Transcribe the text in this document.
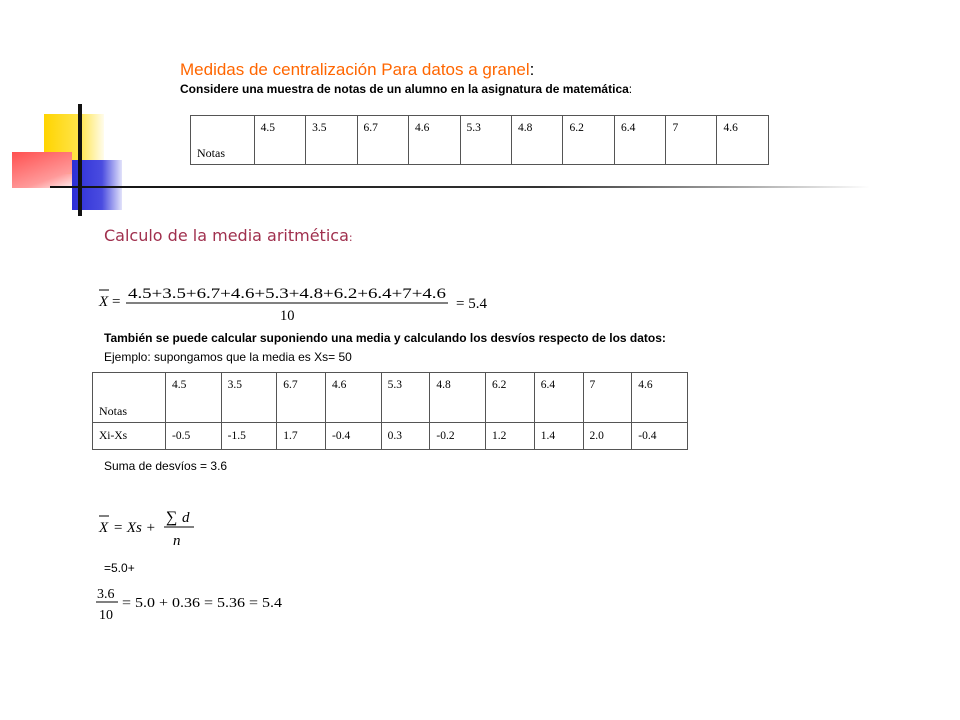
Medidas de centralización Para datos a granel:
Considere una muestra de notas de un alumno en la asignatura de matemática:
Notas	4.5	3.5	6.7	4.6	5.3	4.8	6.2	6.4	7	4.6
Calculo de la media aritmética:
X = 4.5+3.5+6.7+4.6+5.3+4.8+6.2+6.4+7+4.6
10
= 5.4
También se puede calcular suponiendo una media y calculando los desvíos respecto de los datos:
Ejemplo: supongamos que la media es Xs= 50
Notas	4.5	3.5	6.7	4.6	5.3	4.8	6.2	6.4	7	4.6
Xi-Xs	-0.5	-1.5	1.7	-0.4	0.3	-0.2	1.2	1.4	2.0	-0.4
Suma de desvíos = 3.6
X = Xs +
∑ d
n
=5.0+
3.6
10
= 5.0 + 0.36 = 5.36 = 5.4
